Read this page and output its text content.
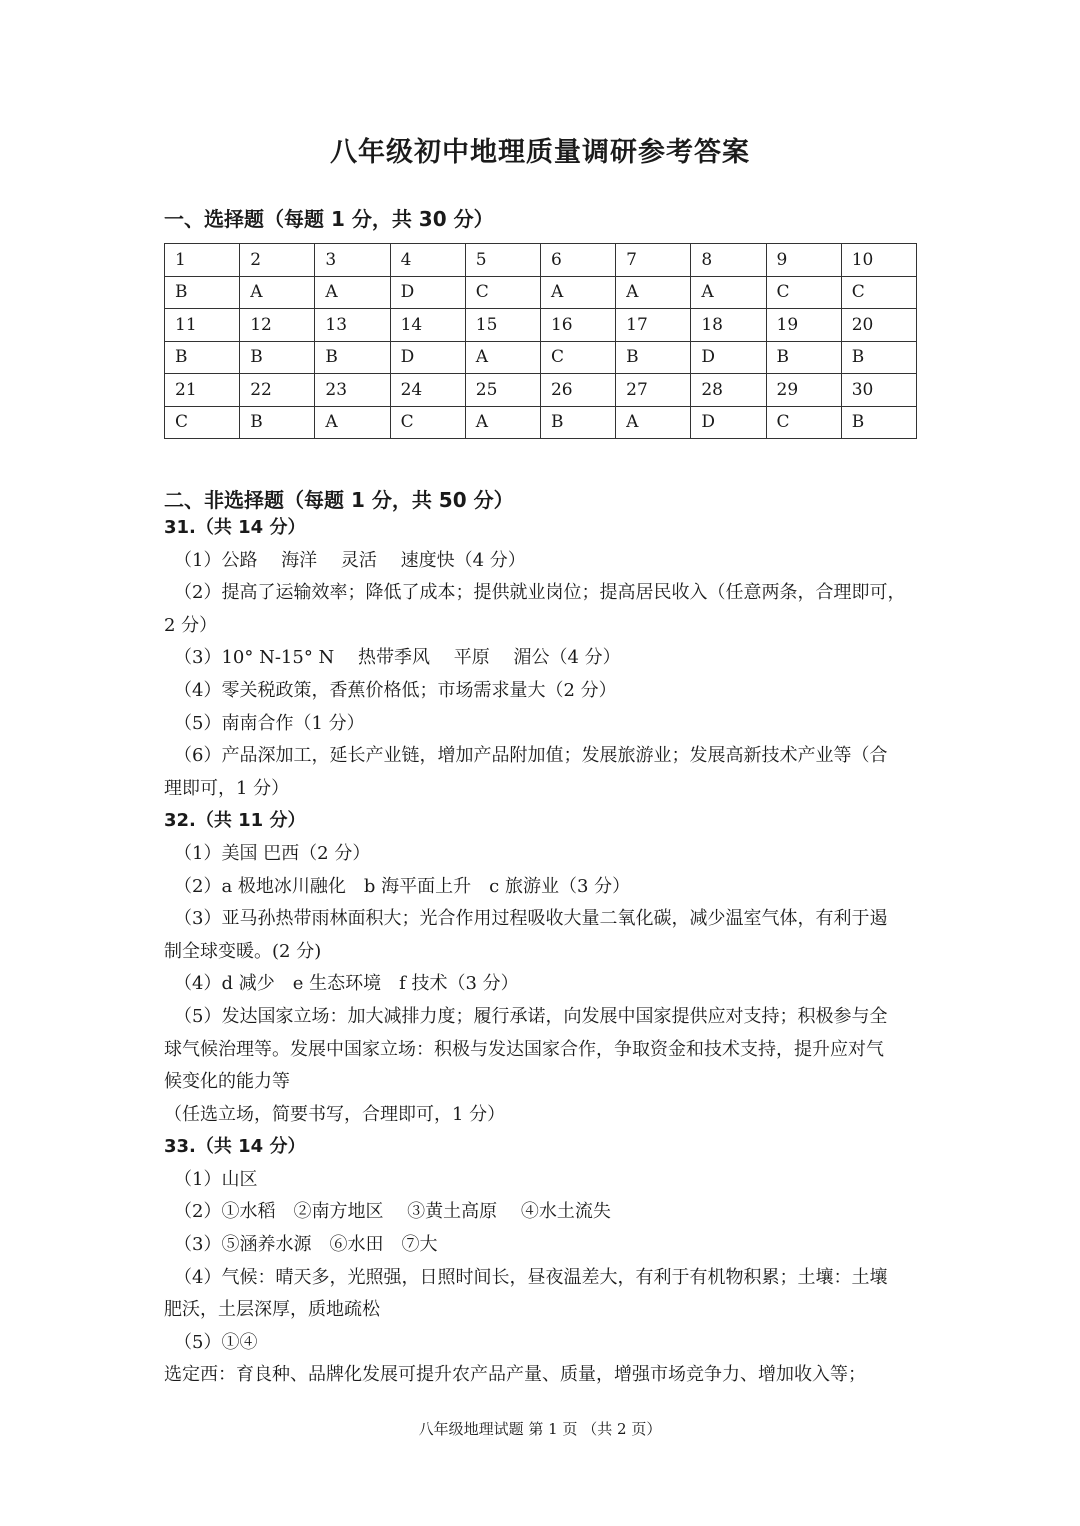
八年级初中地理质量调研参考答案
一、选择题（每题 1 分，共 30 分）
1	2	3	4	5	6	7	8	9	10
B	A	A	D	C	A	A	A	C	C
11	12	13	14	15	16	17	18	19	20
B	B	B	D	A	C	B	D	B	B
21	22	23	24	25	26	27	28	29	30
C	B	A	C	A	B	A	D	C	B
二、非选择题（每题 1 分，共 50 分）
31.（共 14 分）
（1）公路　 海洋　 灵活　 速度快（4 分）
（2）提高了运输效率；降低了成本；提供就业岗位；提高居民收入（任意两条，合理即可，
2 分）
（3）10° N-15° N　 热带季风　 平原　 湄公（4 分）
（4）零关税政策，香蕉价格低；市场需求量大（2 分）
（5）南南合作（1 分）
（6）产品深加工，延长产业链，增加产品附加值；发展旅游业；发展高新技术产业等（合
理即可，1 分）
32.（共 11 分）
（1）美国 巴西（2 分）
（2）a 极地冰川融化　b 海平面上升　c 旅游业（3 分）
（3）亚马孙热带雨林面积大；光合作用过程吸收大量二氧化碳，减少温室气体，有利于遏
制全球变暖。(2 分)
（4）d 减少　e 生态环境　f 技术（3 分）
（5）发达国家立场：加大减排力度；履行承诺，向发展中国家提供应对支持；积极参与全
球气候治理等。发展中国家立场：积极与发达国家合作，争取资金和技术支持，提升应对气
候变化的能力等
（任选立场，简要书写，合理即可，1 分）
33.（共 14 分）
（1）山区
（2）①水稻　②南方地区　 ③黄土高原　 ④水土流失
（3）⑤涵养水源　⑥水田　⑦大
（4）气候：晴天多，光照强，日照时间长，昼夜温差大，有利于有机物积累；土壤：土壤
肥沃，土层深厚，质地疏松
（5）①④
选定西：育良种、品牌化发展可提升农产品产量、质量，增强市场竞争力、增加收入等；
八年级地理试题 第 1 页 （共 2 页）
